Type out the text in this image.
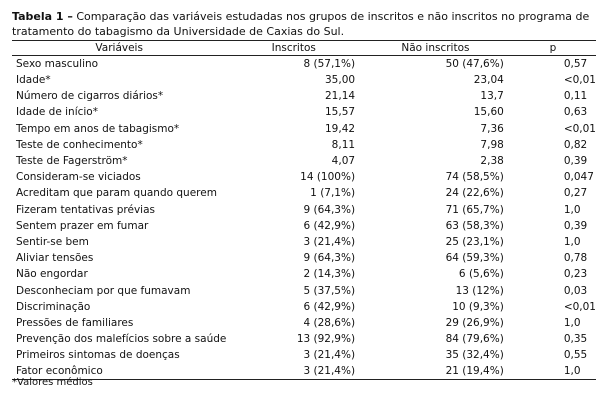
Tabela 1 – Comparação das variáveis estudadas nos grupos de inscritos e não inscritos no programa de tratamento do tabagismo da Universidade de Caxias do Sul.
Variáveis	Inscritos	Não inscritos	p
Sexo masculino	8 (57,1%)	50 (47,6%)	0,57
Idade*	35,00	23,04	<0,01
Número de cigarros diários*	21,14	13,7	0,11
Idade de início*	15,57	15,60	0,63
Tempo em anos de tabagismo*	19,42	7,36	<0,01
Teste de conhecimento*	8,11	7,98	0,82
Teste de Fagerström*	4,07	2,38	0,39
Consideram-se viciados	14 (100%)	74 (58,5%)	0,047
Acreditam que param quando querem	1 (7,1%)	24 (22,6%)	0,27
Fizeram tentativas prévias	9 (64,3%)	71 (65,7%)	1,0
Sentem prazer em fumar	6 (42,9%)	63 (58,3%)	0,39
Sentir-se bem	3 (21,4%)	25 (23,1%)	1,0
Aliviar tensões	9 (64,3%)	64 (59,3%)	0,78
Não engordar	2 (14,3%)	6 (5,6%)	0,23
Desconheciam por que fumavam	5 (37,5%)	13 (12%)	0,03
Discriminação	6 (42,9%)	10 (9,3%)	<0,01
Pressões de familiares	4 (28,6%)	29 (26,9%)	1,0
Prevenção dos malefícios sobre a saúde	13 (92,9%)	84 (79,6%)	0,35
Primeiros sintomas de doenças	3 (21,4%)	35 (32,4%)	0,55
Fator econômico	3 (21,4%)	21 (19,4%)	1,0
*Valores médios
